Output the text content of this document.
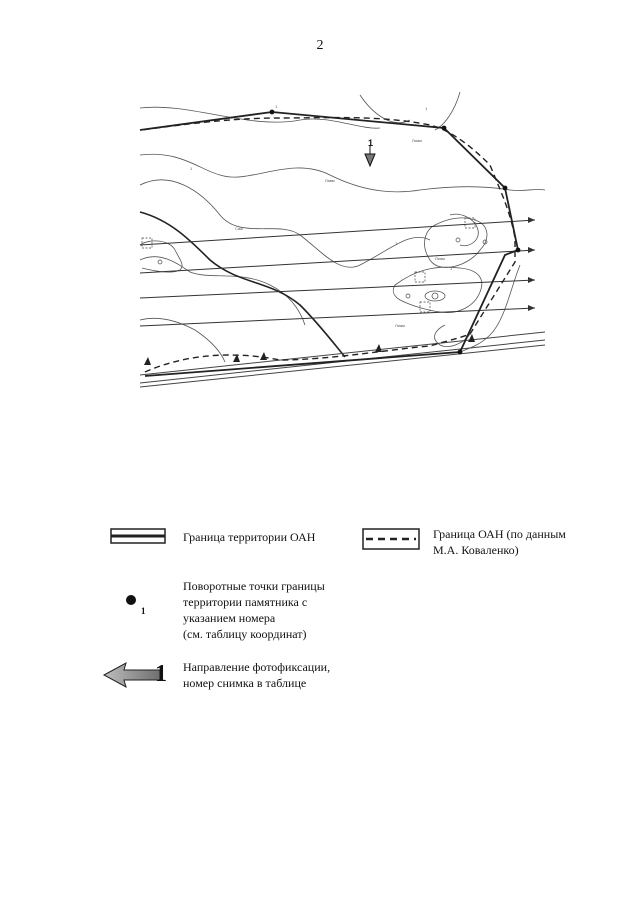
2
1
1	1
1
1
1
Лиам
Лавм
Саж
Лиам
Лиам
Граница территории ОАН	Граница ОАН (по данным
М.А. Коваленко)
1
Поворотные точки границы
территории памятника с
указанием номера
(см. таблицу координат)
1 Направление фотофиксации,
номер снимка в таблице
